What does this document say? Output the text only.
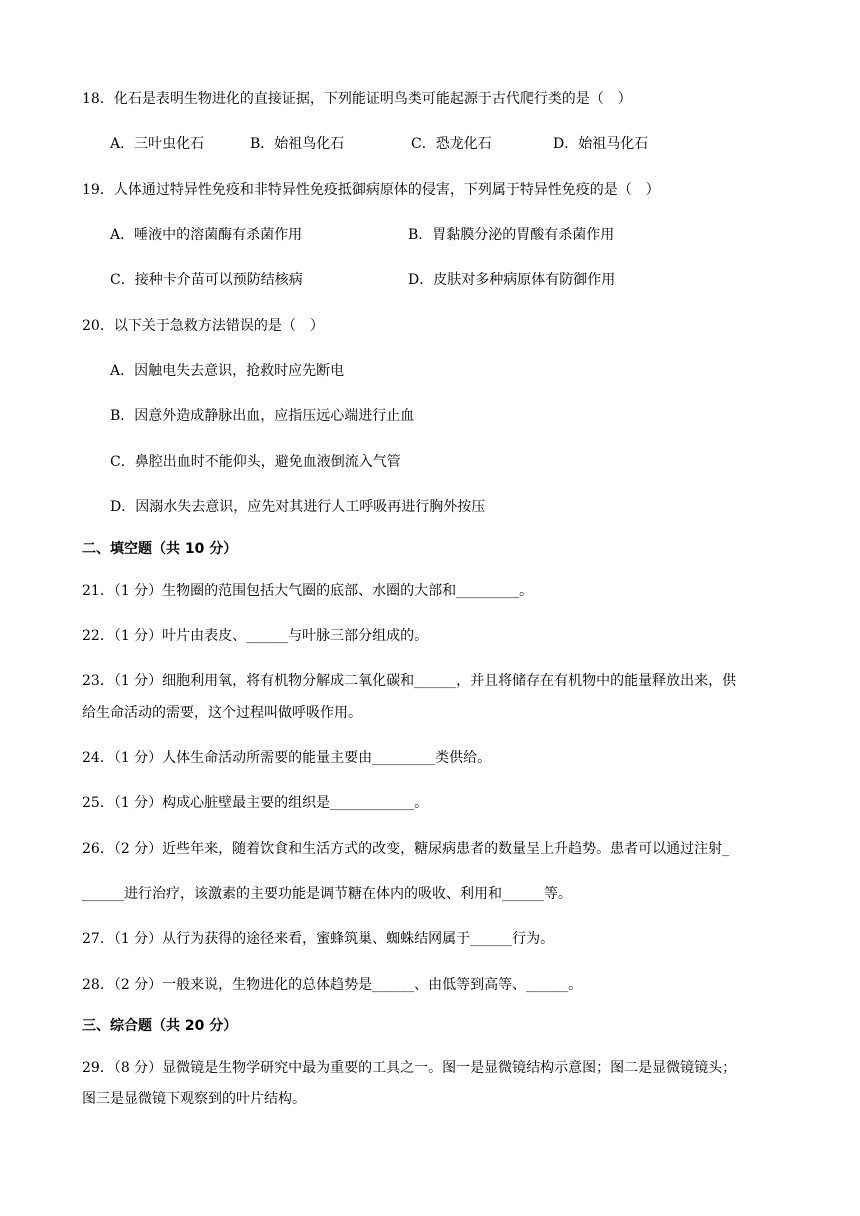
18．化石是表明生物进化的直接证据，下列能证明鸟类可能起源于古代爬行类的是（　）
A．三叶虫化石	B．始祖鸟化石	C．恐龙化石	D．始祖马化石
19．人体通过特异性免疫和非特异性免疫抵御病原体的侵害，下列属于特异性免疫的是（　）
A．唾液中的溶菌酶有杀菌作用	B．胃黏膜分泌的胃酸有杀菌作用
C．接种卡介苗可以预防结核病	D．皮肤对多种病原体有防御作用
20．以下关于急救方法错误的是（　）
A．因触电失去意识，抢救时应先断电
B．因意外造成静脉出血，应指压远心端进行止血
C．鼻腔出血时不能仰头，避免血液倒流入气管
D．因溺水失去意识，应先对其进行人工呼吸再进行胸外按压
二、填空题（共 10 分）
21．（1 分）生物圈的范围包括大气圈的底部、水圈的大部和_________。
22．（1 分）叶片由表皮、______与叶脉三部分组成的。
23．（1 分）细胞利用氧，将有机物分解成二氧化碳和______，并且将储存在有机物中的能量释放出来，供
给生命活动的需要，这个过程叫做呼吸作用。
24．（1 分）人体生命活动所需要的能量主要由_________类供给。
25．（1 分）构成心脏壁最主要的组织是____________。
26．（2 分）近些年来，随着饮食和生活方式的改变，糖尿病患者的数量呈上升趋势。患者可以通过注射_
______进行治疗，该激素的主要功能是调节糖在体内的吸收、利用和______等。
27．（1 分）从行为获得的途径来看，蜜蜂筑巢、蜘蛛结网属于______行为。
28．（2 分）一般来说，生物进化的总体趋势是______、由低等到高等、______。
三、综合题（共 20 分）
29．（8 分）显微镜是生物学研究中最为重要的工具之一。图一是显微镜结构示意图；图二是显微镜镜头；
图三是显微镜下观察到的叶片结构。
